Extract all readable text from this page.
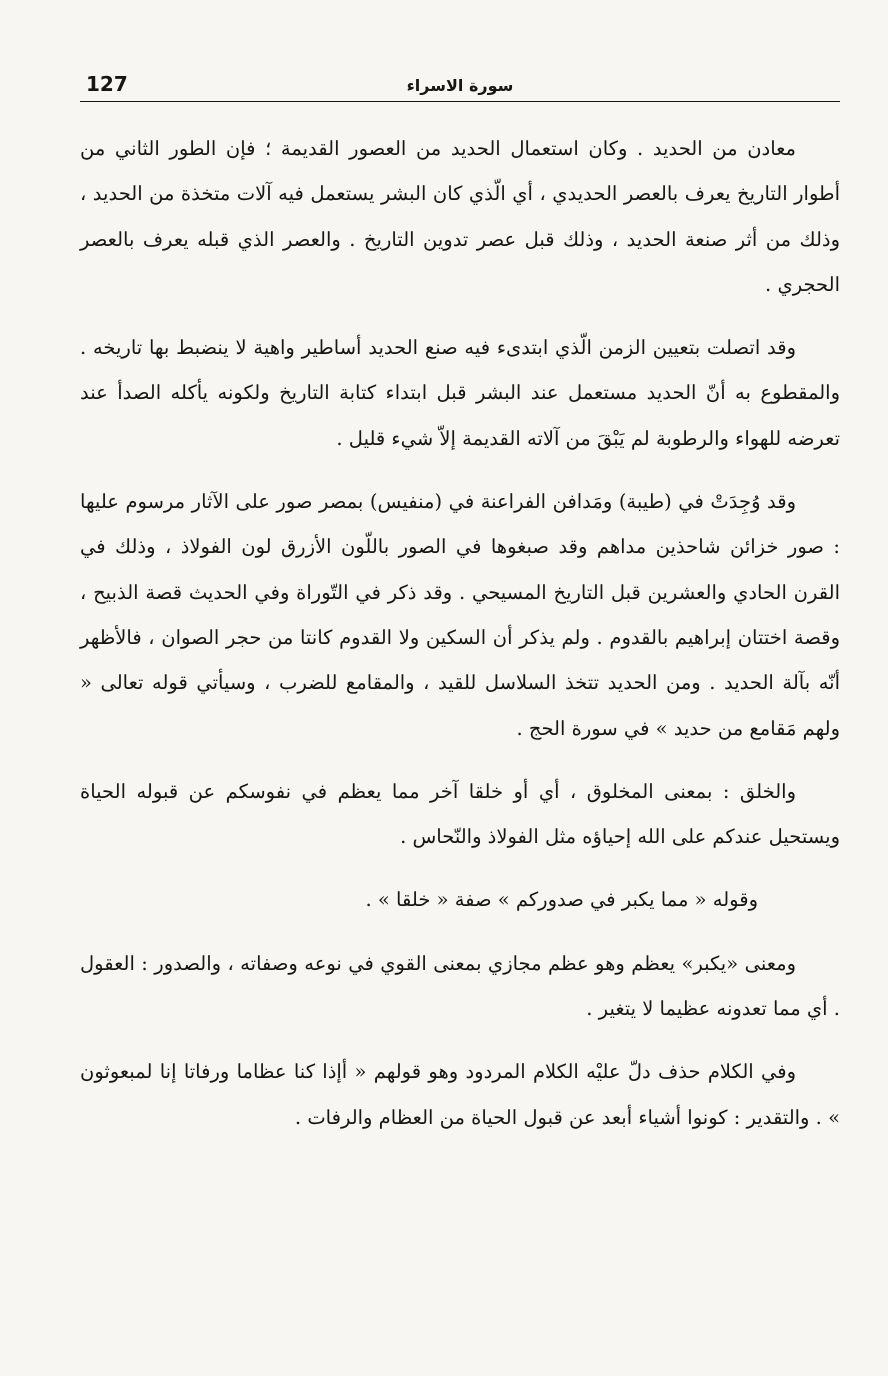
127	سورة الاسراء

معادن من الحديد . وكان استعمال الحديد من العصور القديمة ؛ فإن الطور الثاني من أطوار التاريخ يعرف بالعصر الحديدي ، أي الّذي كان البشر يستعمل فيه آلات متخذة من الحديد ، وذلك من أثر صنعة الحديد ، وذلك قبل عصر تدوين التاريخ . والعصر الذي قبله يعرف بالعصر الحجري .

وقد اتصلت بتعيين الزمن الّذي ابتدىء فيه صنع الحديد أساطير واهية لا ينضبط بها تاريخه . والمقطوع به أنّ الحديد مستعمل عند البشر قبل ابتداء كتابة التاريخ ولكونه يأكله الصدأ عند تعرضه للهواء والرطوبة لم يَبْقَ من آلاته القديمة إلاّ شيء قليل .

وقد وُجِدَتْ في (طيبة) ومَدافن الفراعنة في (منفيس) بمصر صور على الآثار مرسوم عليها : صور خزائن شاحذين مداهم وقد صبغوها في الصور باللّون الأزرق لون الفولاذ ، وذلك في القرن الحادي والعشرين قبل التاريخ المسيحي . وقد ذكر في التّوراة وفي الحديث قصة الذبيح ، وقصة اختتان إبراهيم بالقدوم . ولم يذكر أن السكين ولا القدوم كانتا من حجر الصوان ، فالأظهر أنّه بآلة الحديد . ومن الحديد تتخذ السلاسل للقيد ، والمقامع للضرب ، وسيأتي قوله تعالى « ولهم مَقامع من حديد » في سورة الحج .

والخلق : بمعنى المخلوق ، أي أو خلقا آخر مما يعظم في نفوسكم عن قبوله الحياة ويستحيل عندكم على الله إحياؤه مثل الفولاذ والنّحاس .

وقوله « مما يكبر في صدوركم » صفة « خلقا » .

ومعنى «يكبر» يعظم وهو عظم مجازي بمعنى القوي في نوعه وصفاته ، والصدور : العقول . أي مما تعدونه عظيما لا يتغير .

وفي الكلام حذف دلّ عليْه الكلام المردود وهو قولهم « أإذا كنا عظاما ورفاتا إنا لمبعوثون » . والتقدير : كونوا أشياء أبعد عن قبول الحياة من العظام والرفات .
